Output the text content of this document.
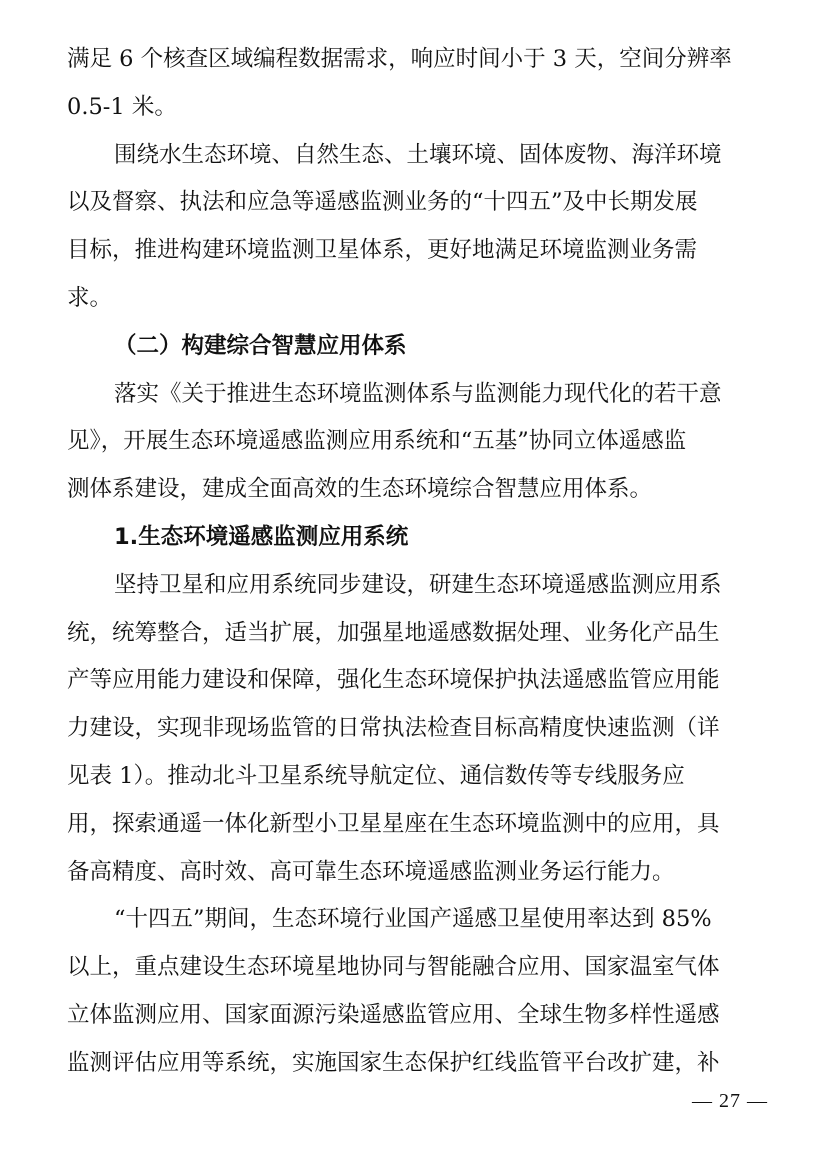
满足 6 个核查区域编程数据需求，响应时间小于 3 天，空间分辨率
0.5-1 米。
围绕水生态环境、自然生态、土壤环境、固体废物、海洋环境
以及督察、执法和应急等遥感监测业务的“十四五”及中长期发展
目标，推进构建环境监测卫星体系，更好地满足环境监测业务需
求。
（二）构建综合智慧应用体系
落实《关于推进生态环境监测体系与监测能力现代化的若干意
见》，开展生态环境遥感监测应用系统和“五基”协同立体遥感监
测体系建设，建成全面高效的生态环境综合智慧应用体系。
1.生态环境遥感监测应用系统
坚持卫星和应用系统同步建设，研建生态环境遥感监测应用系
统，统筹整合，适当扩展，加强星地遥感数据处理、业务化产品生
产等应用能力建设和保障，强化生态环境保护执法遥感监管应用能
力建设，实现非现场监管的日常执法检查目标高精度快速监测（详
见表 1）。推动北斗卫星系统导航定位、通信数传等专线服务应
用，探索通遥一体化新型小卫星星座在生态环境监测中的应用，具
备高精度、高时效、高可靠生态环境遥感监测业务运行能力。
“十四五”期间，生态环境行业国产遥感卫星使用率达到 85%
以上，重点建设生态环境星地协同与智能融合应用、国家温室气体
立体监测应用、国家面源污染遥感监管应用、全球生物多样性遥感
监测评估应用等系统，实施国家生态保护红线监管平台改扩建，补
— 27 —
